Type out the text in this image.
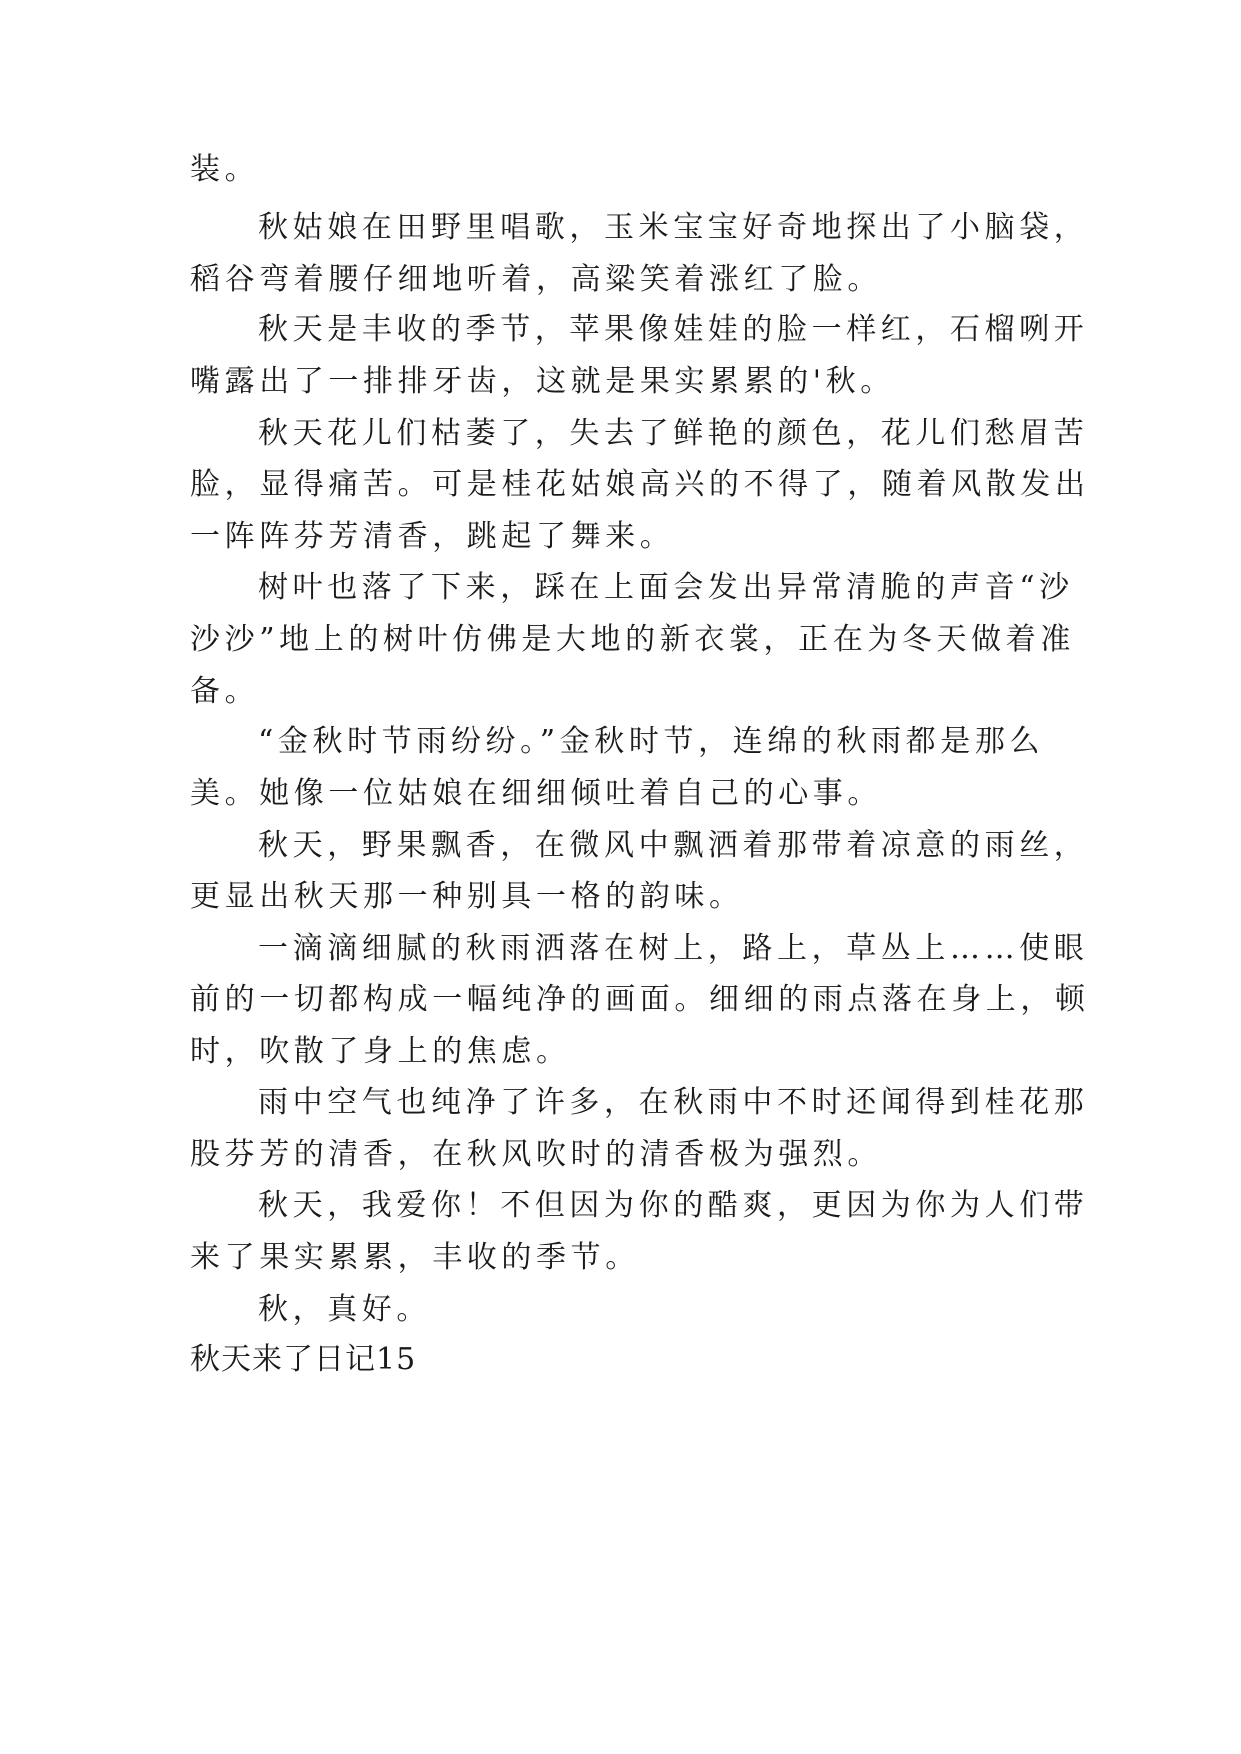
装。
秋姑娘在田野里唱歌，玉米宝宝好奇地探出了小脑袋，
稻谷弯着腰仔细地听着，高粱笑着涨红了脸。
秋天是丰收的季节，苹果像娃娃的脸一样红，石榴咧开
嘴露出了一排排牙齿，这就是果实累累的'秋。
秋天花儿们枯萎了，失去了鲜艳的颜色，花儿们愁眉苦
脸，显得痛苦。可是桂花姑娘高兴的不得了，随着风散发出
一阵阵芬芳清香，跳起了舞来。
树叶也落了下来，踩在上面会发出异常清脆的声音“沙
沙沙”地上的树叶仿佛是大地的新衣裳，正在为冬天做着准
备。
“金秋时节雨纷纷。”金秋时节，连绵的秋雨都是那么
美。她像一位姑娘在细细倾吐着自己的心事。
秋天，野果飘香，在微风中飘洒着那带着凉意的雨丝，
更显出秋天那一种别具一格的韵味。
一滴滴细腻的秋雨洒落在树上，路上，草丛上……使眼
前的一切都构成一幅纯净的画面。细细的雨点落在身上，顿
时，吹散了身上的焦虑。
雨中空气也纯净了许多，在秋雨中不时还闻得到桂花那
股芬芳的清香，在秋风吹时的清香极为强烈。
秋天，我爱你！不但因为你的酷爽，更因为你为人们带
来了果实累累，丰收的季节。
秋，真好。
秋天来了日记15
